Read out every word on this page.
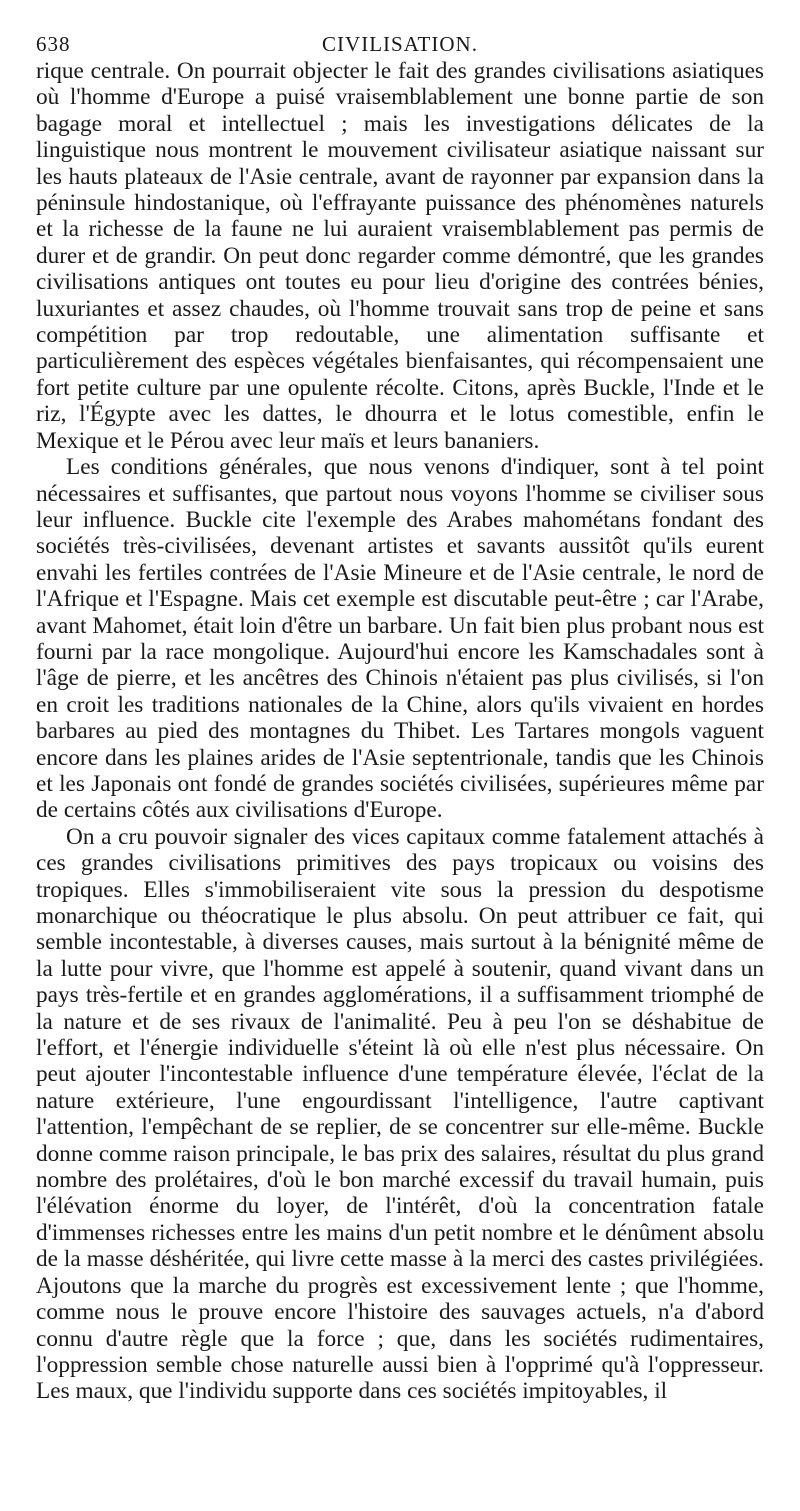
638	CIVILISATION.

rique centrale. On pourrait objecter le fait des grandes civilisations asiatiques où l'homme d'Europe a puisé vraisemblablement une bonne partie de son bagage moral et intellectuel ; mais les investigations délicates de la linguistique nous montrent le mouvement civilisateur asiatique naissant sur les hauts plateaux de l'Asie centrale, avant de rayonner par expansion dans la péninsule hindostanique, où l'effrayante puissance des phénomènes naturels et la richesse de la faune ne lui auraient vraisemblablement pas permis de durer et de grandir. On peut donc regarder comme démontré, que les grandes civilisations antiques ont toutes eu pour lieu d'origine des contrées bénies, luxuriantes et assez chaudes, où l'homme trouvait sans trop de peine et sans compétition par trop redoutable, une alimentation suffisante et particulièrement des espèces végétales bienfaisantes, qui récompensaient une fort petite culture par une opulente récolte. Citons, après Buckle, l'Inde et le riz, l'Égypte avec les dattes, le dhourra et le lotus comestible, enfin le Mexique et le Pérou avec leur maïs et leurs bananiers.

Les conditions générales, que nous venons d'indiquer, sont à tel point nécessaires et suffisantes, que partout nous voyons l'homme se civiliser sous leur influence. Buckle cite l'exemple des Arabes mahométans fondant des sociétés très-civilisées, devenant artistes et savants aussitôt qu'ils eurent envahi les fertiles contrées de l'Asie Mineure et de l'Asie centrale, le nord de l'Afrique et l'Espagne. Mais cet exemple est discutable peut-être ; car l'Arabe, avant Mahomet, était loin d'être un barbare. Un fait bien plus probant nous est fourni par la race mongolique. Aujourd'hui encore les Kamschadales sont à l'âge de pierre, et les ancêtres des Chinois n'étaient pas plus civilisés, si l'on en croit les traditions nationales de la Chine, alors qu'ils vivaient en hordes barbares au pied des montagnes du Thibet. Les Tartares mongols vaguent encore dans les plaines arides de l'Asie septentrionale, tandis que les Chinois et les Japonais ont fondé de grandes sociétés civilisées, supérieures même par de certains côtés aux civilisations d'Europe.

On a cru pouvoir signaler des vices capitaux comme fatalement attachés à ces grandes civilisations primitives des pays tropicaux ou voisins des tropiques. Elles s'immobiliseraient vite sous la pression du despotisme monarchique ou théocratique le plus absolu. On peut attribuer ce fait, qui semble incontestable, à diverses causes, mais surtout à la bénignité même de la lutte pour vivre, que l'homme est appelé à soutenir, quand vivant dans un pays très-fertile et en grandes agglomérations, il a suffisamment triomphé de la nature et de ses rivaux de l'animalité. Peu à peu l'on se déshabitue de l'effort, et l'énergie individuelle s'éteint là où elle n'est plus nécessaire. On peut ajouter l'incontestable influence d'une température élevée, l'éclat de la nature extérieure, l'une engourdissant l'intelligence, l'autre captivant l'attention, l'empêchant de se replier, de se concentrer sur elle-même. Buckle donne comme raison principale, le bas prix des salaires, résultat du plus grand nombre des prolétaires, d'où le bon marché excessif du travail humain, puis l'élévation énorme du loyer, de l'intérêt, d'où la concentration fatale d'immenses richesses entre les mains d'un petit nombre et le dénûment absolu de la masse déshéritée, qui livre cette masse à la merci des castes privilégiées. Ajoutons que la marche du progrès est excessivement lente ; que l'homme, comme nous le prouve encore l'histoire des sauvages actuels, n'a d'abord connu d'autre règle que la force ; que, dans les sociétés rudimentaires, l'oppression semble chose naturelle aussi bien à l'opprimé qu'à l'oppresseur. Les maux, que l'individu supporte dans ces sociétés impitoyables, il
